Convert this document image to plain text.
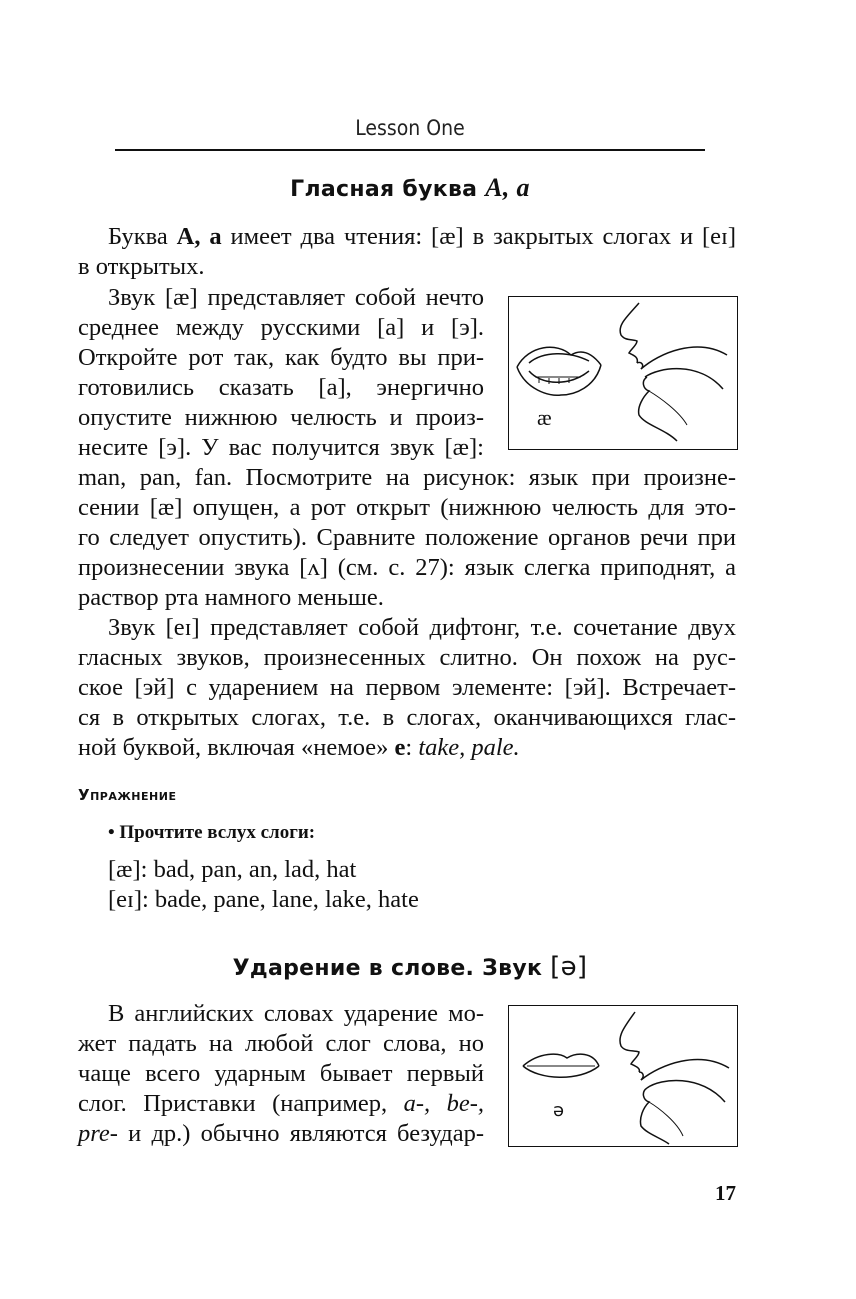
Lesson One
Гласная буква A, a
Буква A, a имеет два чтения: [æ] в закрытых слогах и [eɪ]
в открытых.
Звук [æ] представляет собой нечто
среднее между русскими [а] и [э].
Откройте рот так, как будто вы при-
готовились сказать [а], энергично
опустите нижнюю челюсть и произ-
несите [э]. У вас получится звук [æ]:
man, pan, fan. Посмотрите на рисунок: язык при произне-
сении [æ] опущен, а рот открыт (нижнюю челюсть для это-
го следует опустить). Сравните положение органов речи при
произнесении звука [ʌ] (см. с. 27): язык слегка приподнят, а
раствор рта намного меньше.
æ
Звук [eɪ] представляет собой дифтонг, т.е. сочетание двух
гласных звуков, произнесенных слитно. Он похож на рус-
ское [эй] с ударением на первом элементе: [эй]. Встречает-
ся в открытых слогах, т.е. в слогах, оканчивающихся глас-
ной буквой, включая «немое» e: take, pale.
Упражнение
• Прочтите вслух слоги:
[æ]: bad, pan, an, lad, hat
[eɪ]: bade, pane, lane, lake, hate
Ударение в слове. Звук [ə]
В английских словах ударение мо-
жет падать на любой слог слова, но
чаще всего ударным бывает первый
слог. Приставки (например, a-, be-,
pre- и др.) обычно являются безудар-
ə
17
